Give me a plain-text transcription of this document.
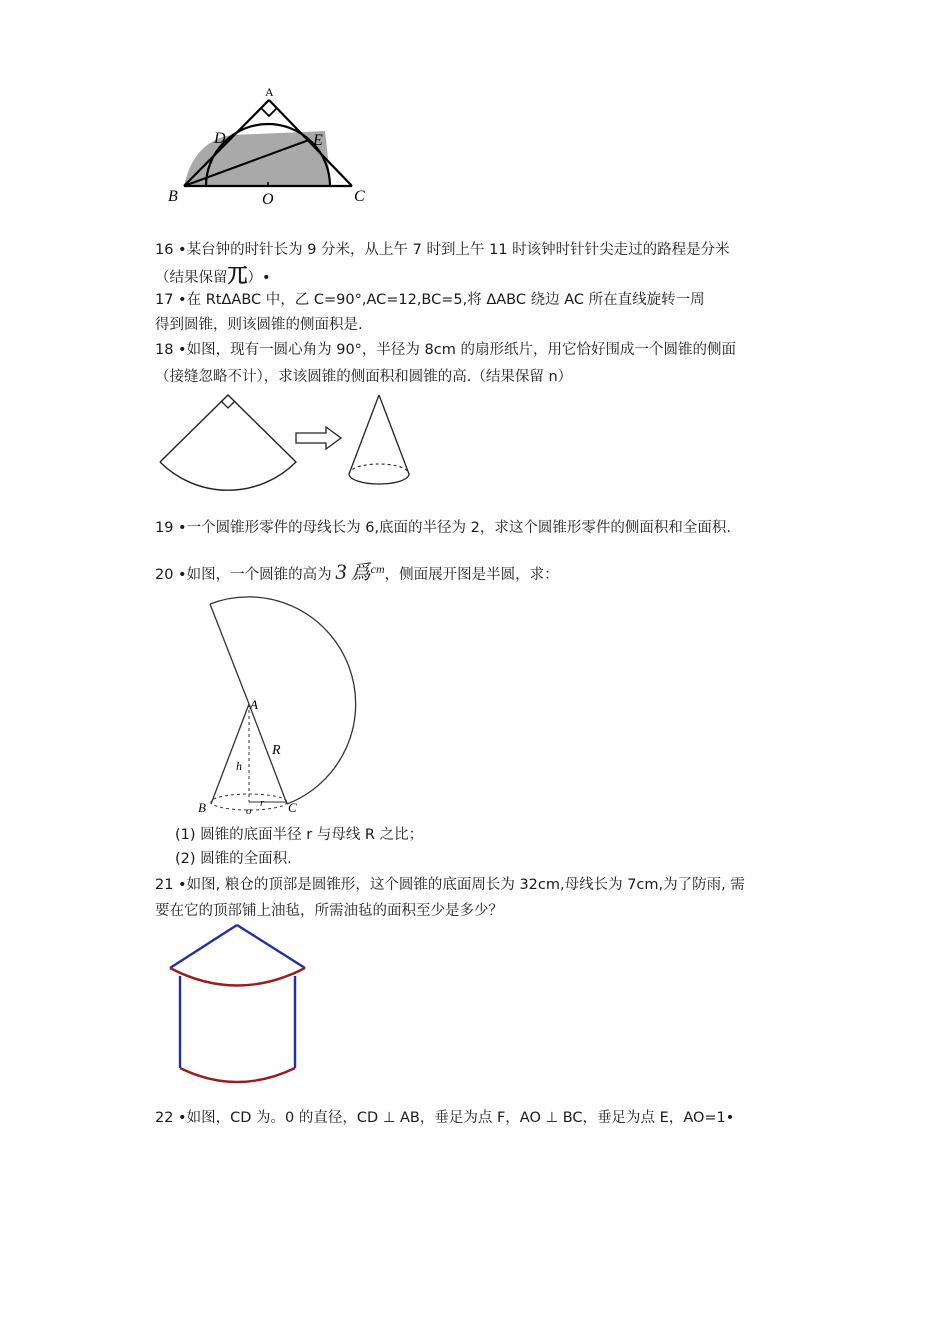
A
B	C
D	E
O
16 •某台钟的时针长为 9 分米，从上午 7 时到上午 11 时该钟时针针尖走过的路程是分米
（结果保留兀）•
17 •在 RtΔABC 中，乙 C=90°,AC=12,BC=5,将 ΔABC 绕边 AC 所在直线旋转一周
得到圆锥，则该圆锥的侧面积是.
18 •如图，现有一圆心角为 90°，半径为 8cm 的扇形纸片，用它恰好围成一个圆锥的侧面
（接缝忽略不计），求该圆锥的侧面积和圆锥的高.（结果保留 n）
19 •一个圆锥形零件的母线长为 6,底面的半径为 2，求这个圆锥形零件的侧面积和全面积.
20 •如图，一个圆锥的高为 3 爲$^{cm}$，侧面展开图是半圆，求：
A
R
h
B	C
o
r
(1) 圆锥的底面半径 r 与母线 R 之比；
(2) 圆锥的全面积.
21 •如图, 粮仓的顶部是圆锥形，这个圆锥的底面周长为 32cm,母线长为 7cm,为了防雨, 需
要在它的顶部铺上油毡，所需油毡的面积至少是多少？
22 •如图，CD 为。0 的直径，CD ⊥ AB，垂足为点 F，AO ⊥ BC，垂足为点 E，AO=1•
